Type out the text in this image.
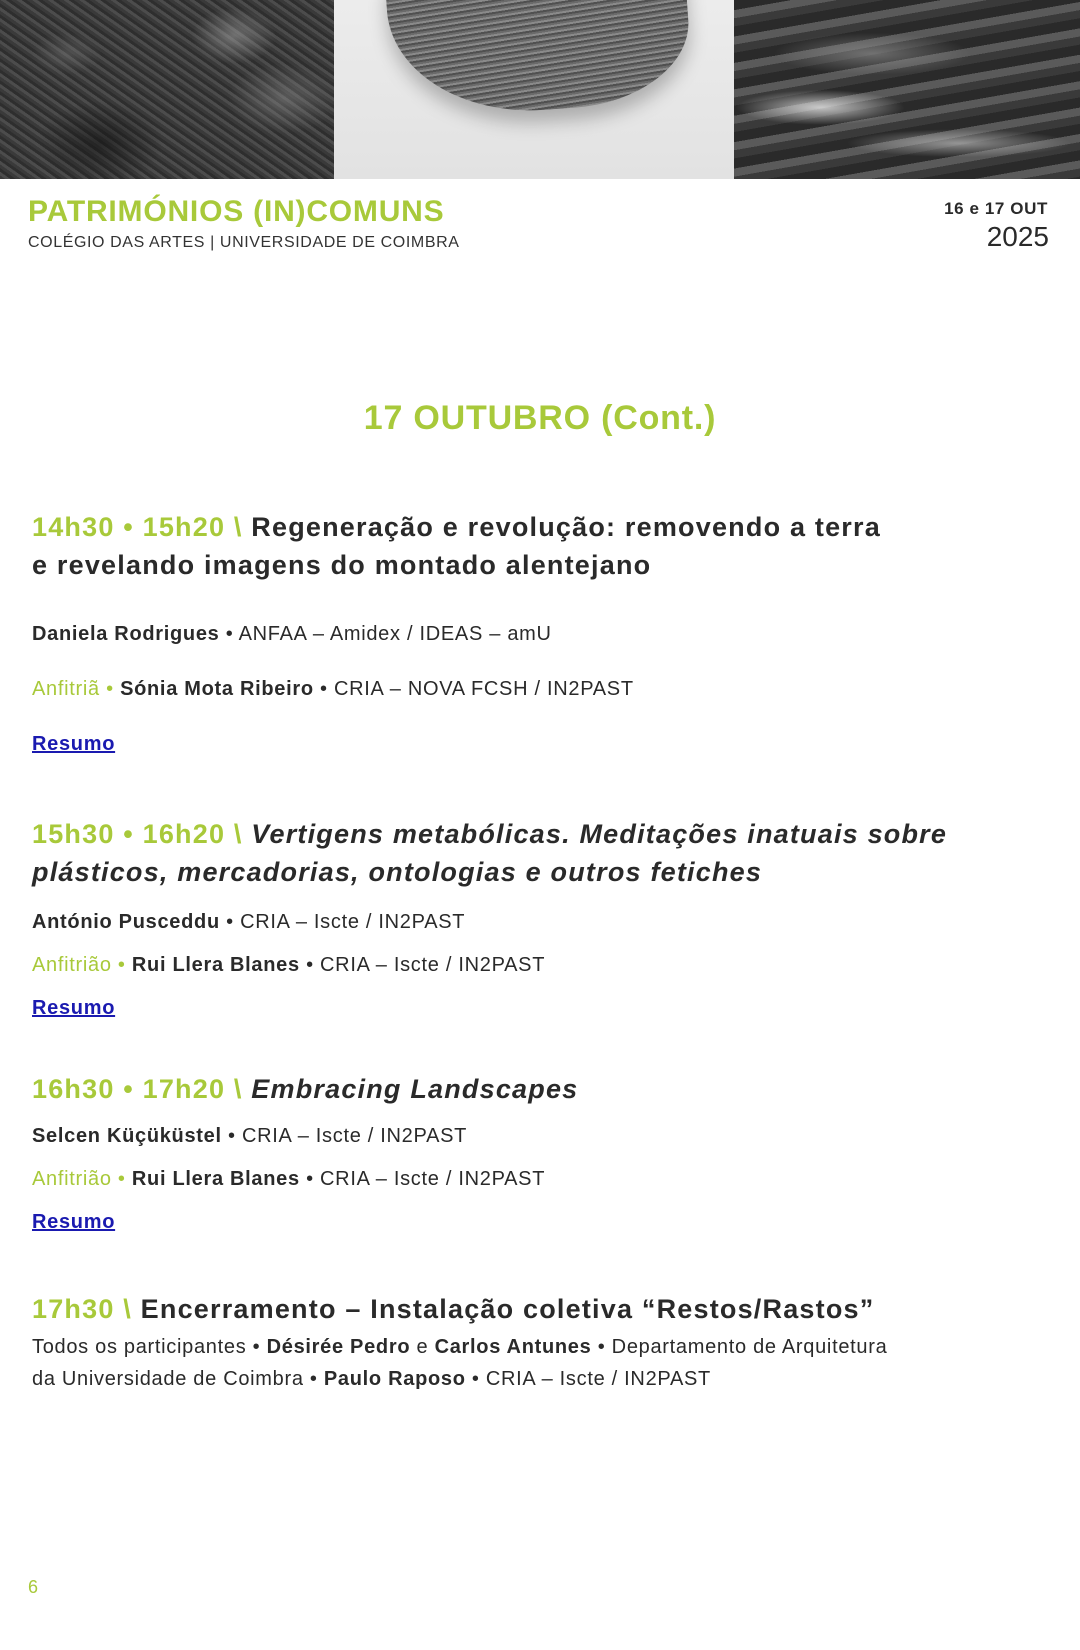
PATRIMÓNIOS (IN)COMUNS
COLÉGIO DAS ARTES | UNIVERSIDADE DE COIMBRA
16 e 17 OUT
2025
17 OUTUBRO (Cont.)

14h30 • 15h20 \ Regeneração e revolução: removendo a terra
e revelando imagens do montado alentejano

Daniela Rodrigues • ANFAA – Amidex / IDEAS – amU
Anfitriã • Sónia Mota Ribeiro • CRIA – NOVA FCSH / IN2PAST
Resumo

15h30 • 16h20 \ Vertigens metabólicas. Meditações inatuais sobre
plásticos, mercadorias, ontologias e outros fetiches

António Pusceddu • CRIA – Iscte / IN2PAST
Anfitrião • Rui Llera Blanes • CRIA – Iscte / IN2PAST
Resumo

16h30 • 17h20 \ Embracing Landscapes

Selcen Küçüküstel • CRIA – Iscte / IN2PAST
Anfitrião • Rui Llera Blanes • CRIA – Iscte / IN2PAST
Resumo

17h30 \ Encerramento – Instalação coletiva “Restos/Rastos”

Todos os participantes • Désirée Pedro e Carlos Antunes • Departamento de Arquitetura
da Universidade de Coimbra • Paulo Raposo • CRIA – Iscte / IN2PAST
6
